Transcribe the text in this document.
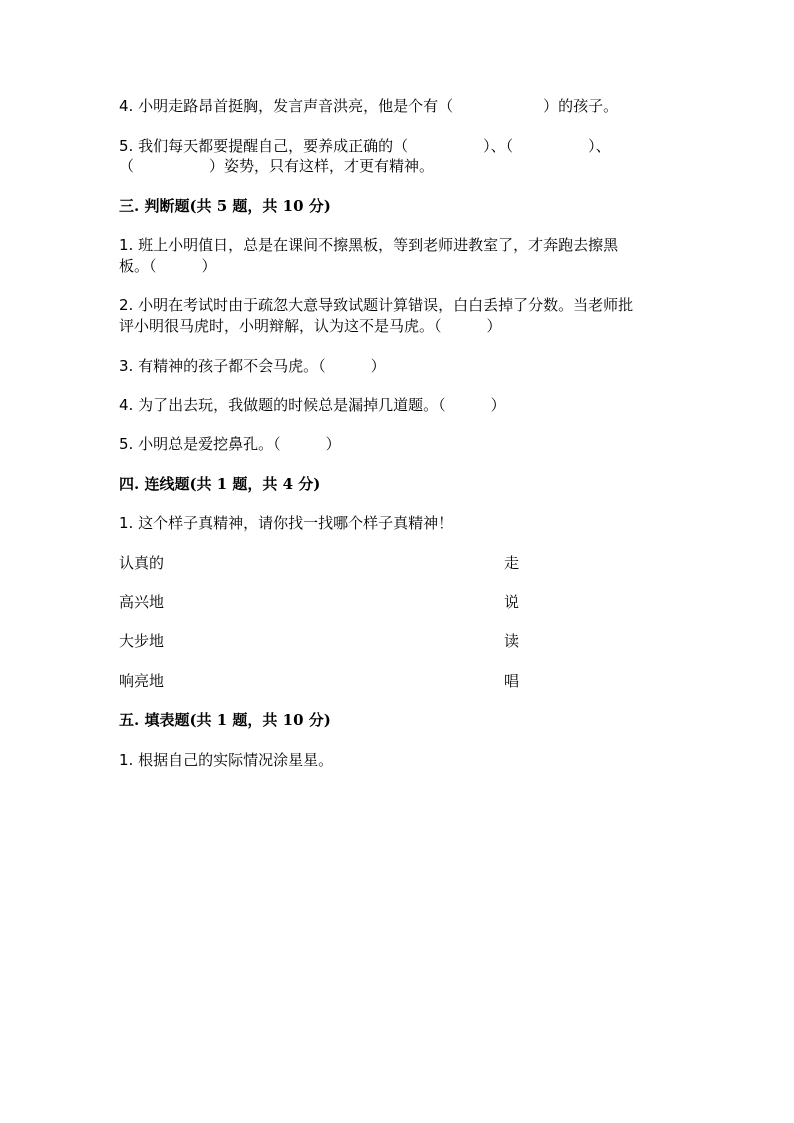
4. 小明走路昂首挺胸，发言声音洪亮，他是个有（　　　　　　）的孩子。
5. 我们每天都要提醒自己，要养成正确的（　　　　　）、（　　　　　）、
（　　　　　）姿势，只有这样，才更有精神。
三. 判断题(共 5 题，共 10 分)
1. 班上小明值日，总是在课间不擦黑板，等到老师进教室了，才奔跑去擦黑
板。（　　　）
2. 小明在考试时由于疏忽大意导致试题计算错误，白白丢掉了分数。当老师批
评小明很马虎时，小明辩解，认为这不是马虎。（　　　）
3. 有精神的孩子都不会马虎。（　　　）
4. 为了出去玩，我做题的时候总是漏掉几道题。（　　　）
5. 小明总是爱挖鼻孔。（　　　）
四. 连线题(共 1 题，共 4 分)
1. 这个样子真精神，请你找一找哪个样子真精神！
认真的	走
高兴地	说
大步地	读
响亮地	唱
五. 填表题(共 1 题，共 10 分)
1. 根据自己的实际情况涂星星。
